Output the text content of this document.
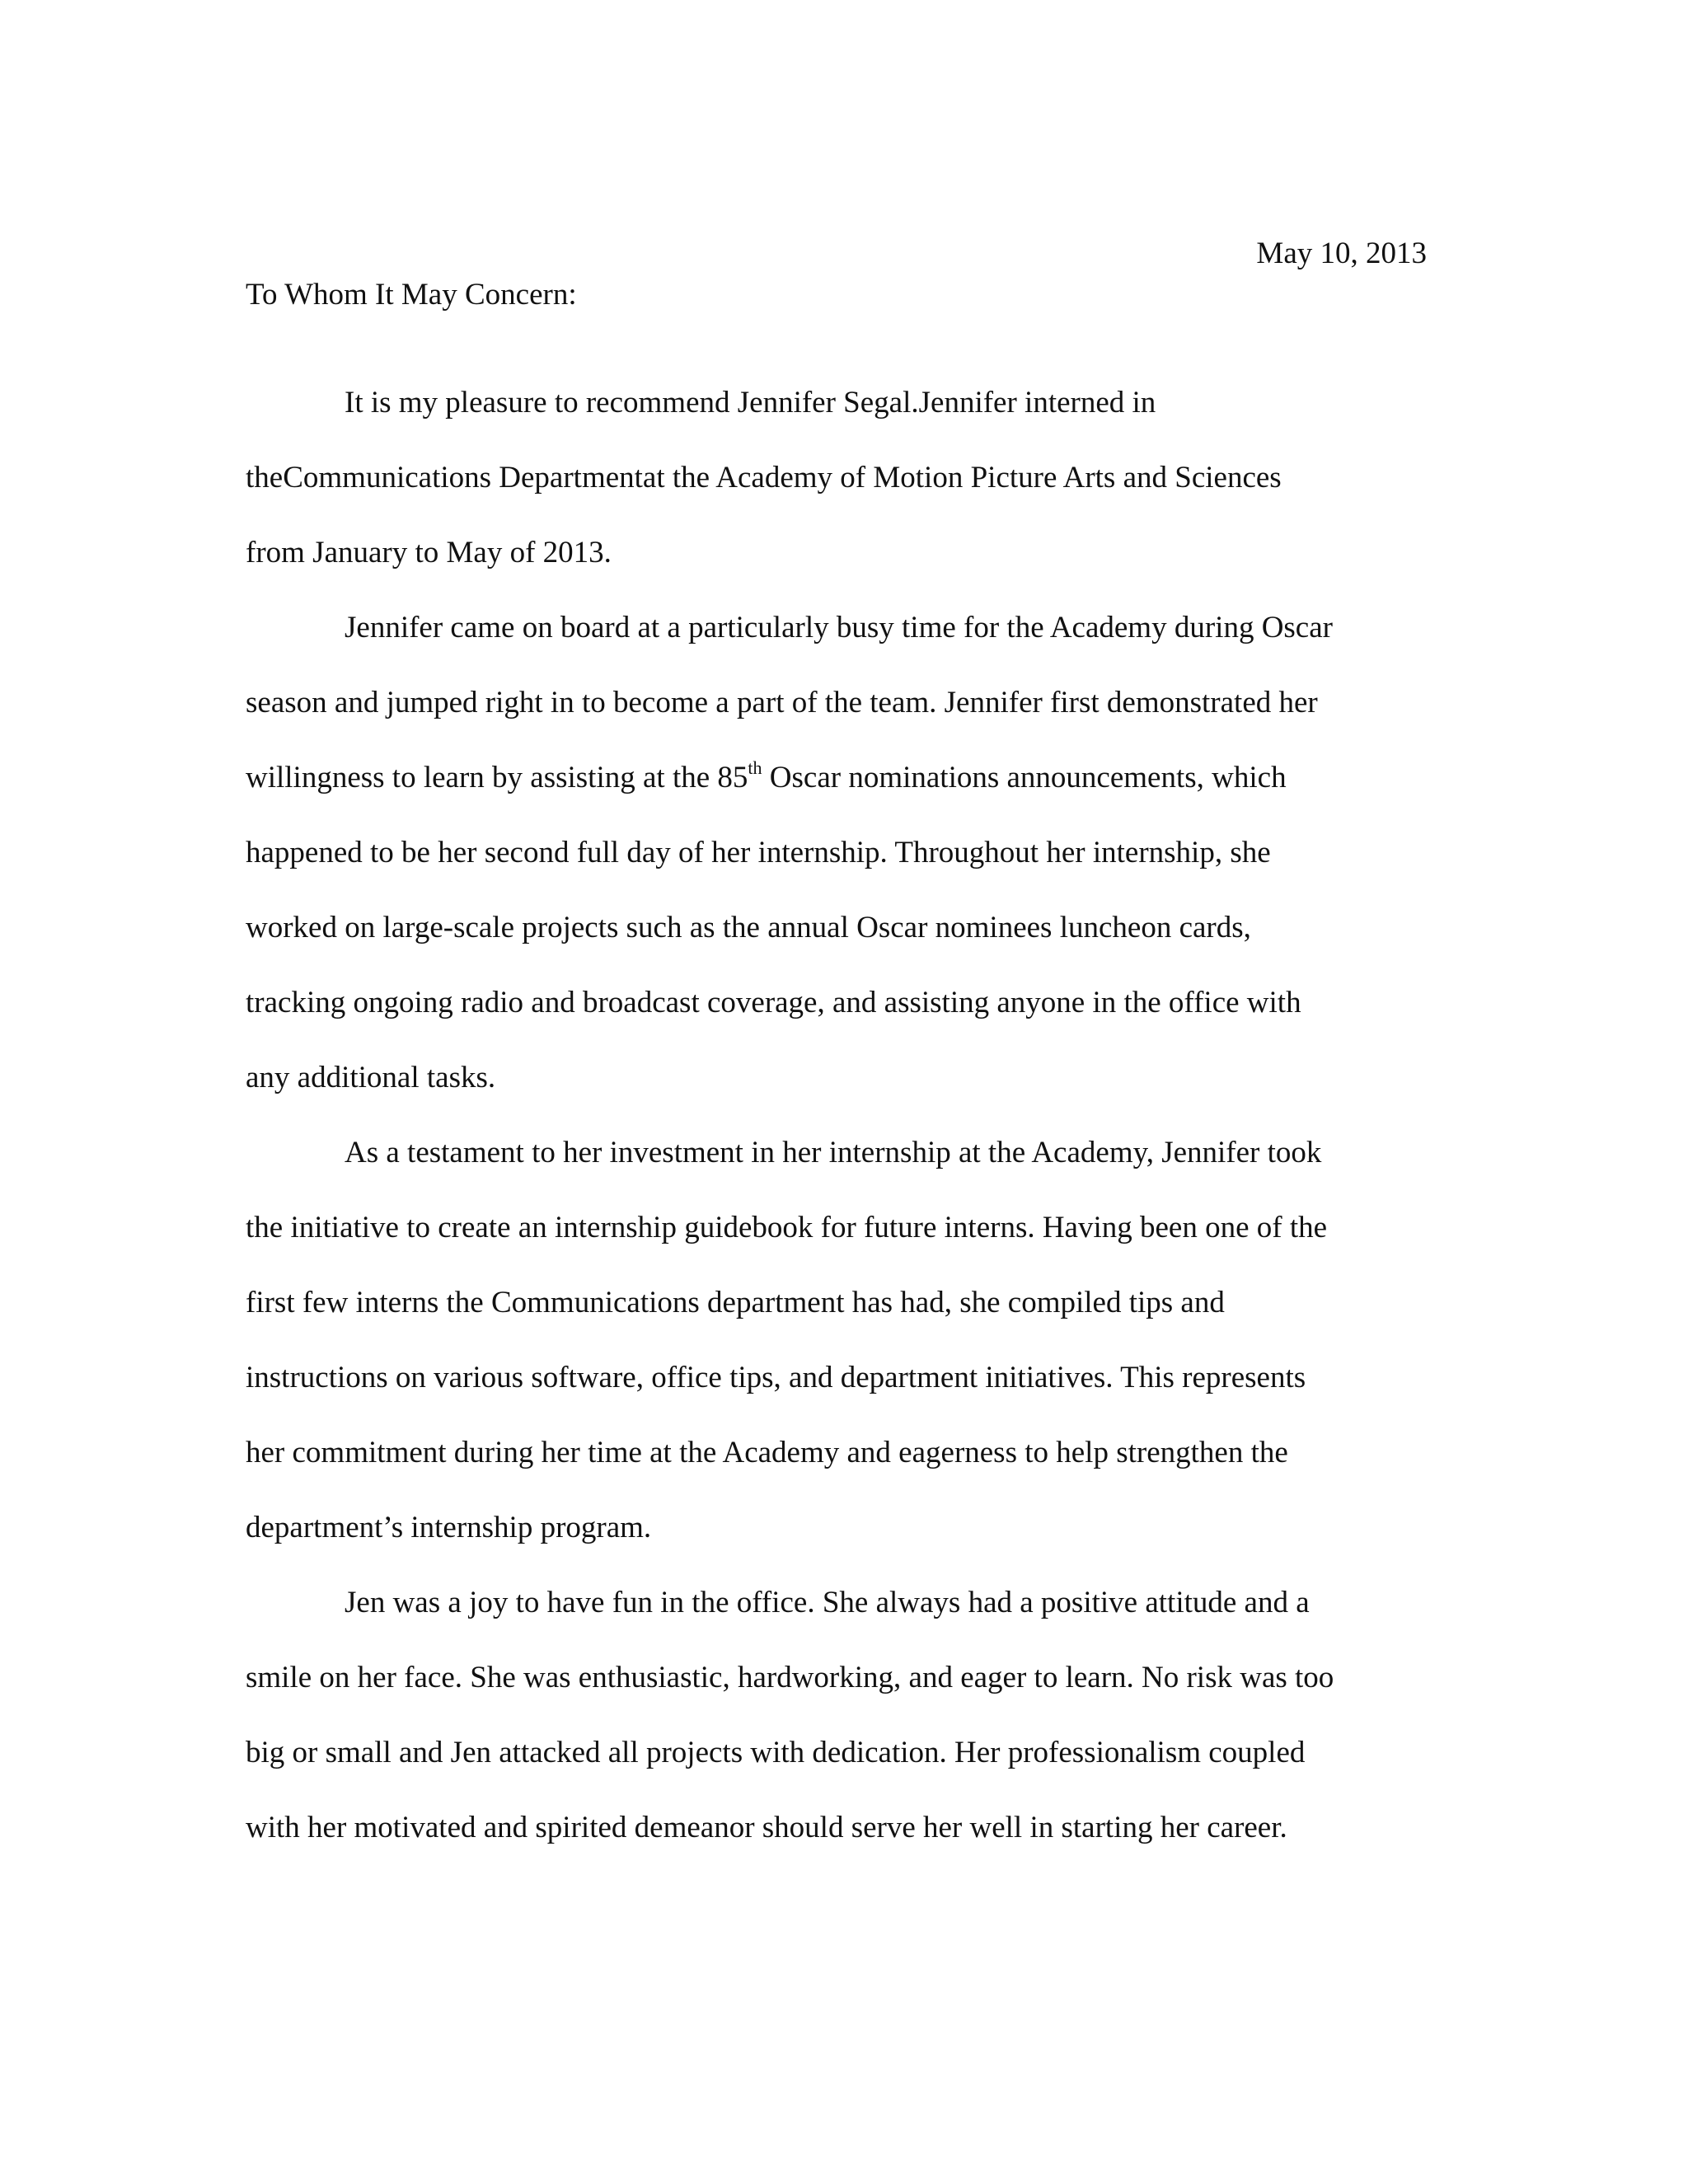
May 10, 2013
To Whom It May Concern:
It is my pleasure to recommend Jennifer Segal.Jennifer interned in
theCommunications Departmentat the Academy of Motion Picture Arts and Sciences
from January to May of 2013.
Jennifer came on board at a particularly busy time for the Academy during Oscar
season and jumped right in to become a part of the team. Jennifer first demonstrated her
willingness to learn by assisting at the 85th Oscar nominations announcements, which
happened to be her second full day of her internship. Throughout her internship, she
worked on large-scale projects such as the annual Oscar nominees luncheon cards,
tracking ongoing radio and broadcast coverage, and assisting anyone in the office with
any additional tasks.
As a testament to her investment in her internship at the Academy, Jennifer took
the initiative to create an internship guidebook for future interns. Having been one of the
first few interns the Communications department has had, she compiled tips and
instructions on various software, office tips, and department initiatives. This represents
her commitment during her time at the Academy and eagerness to help strengthen the
department’s internship program.
Jen was a joy to have fun in the office. She always had a positive attitude and a
smile on her face. She was enthusiastic, hardworking, and eager to learn. No risk was too
big or small and Jen attacked all projects with dedication. Her professionalism coupled
with her motivated and spirited demeanor should serve her well in starting her career.
